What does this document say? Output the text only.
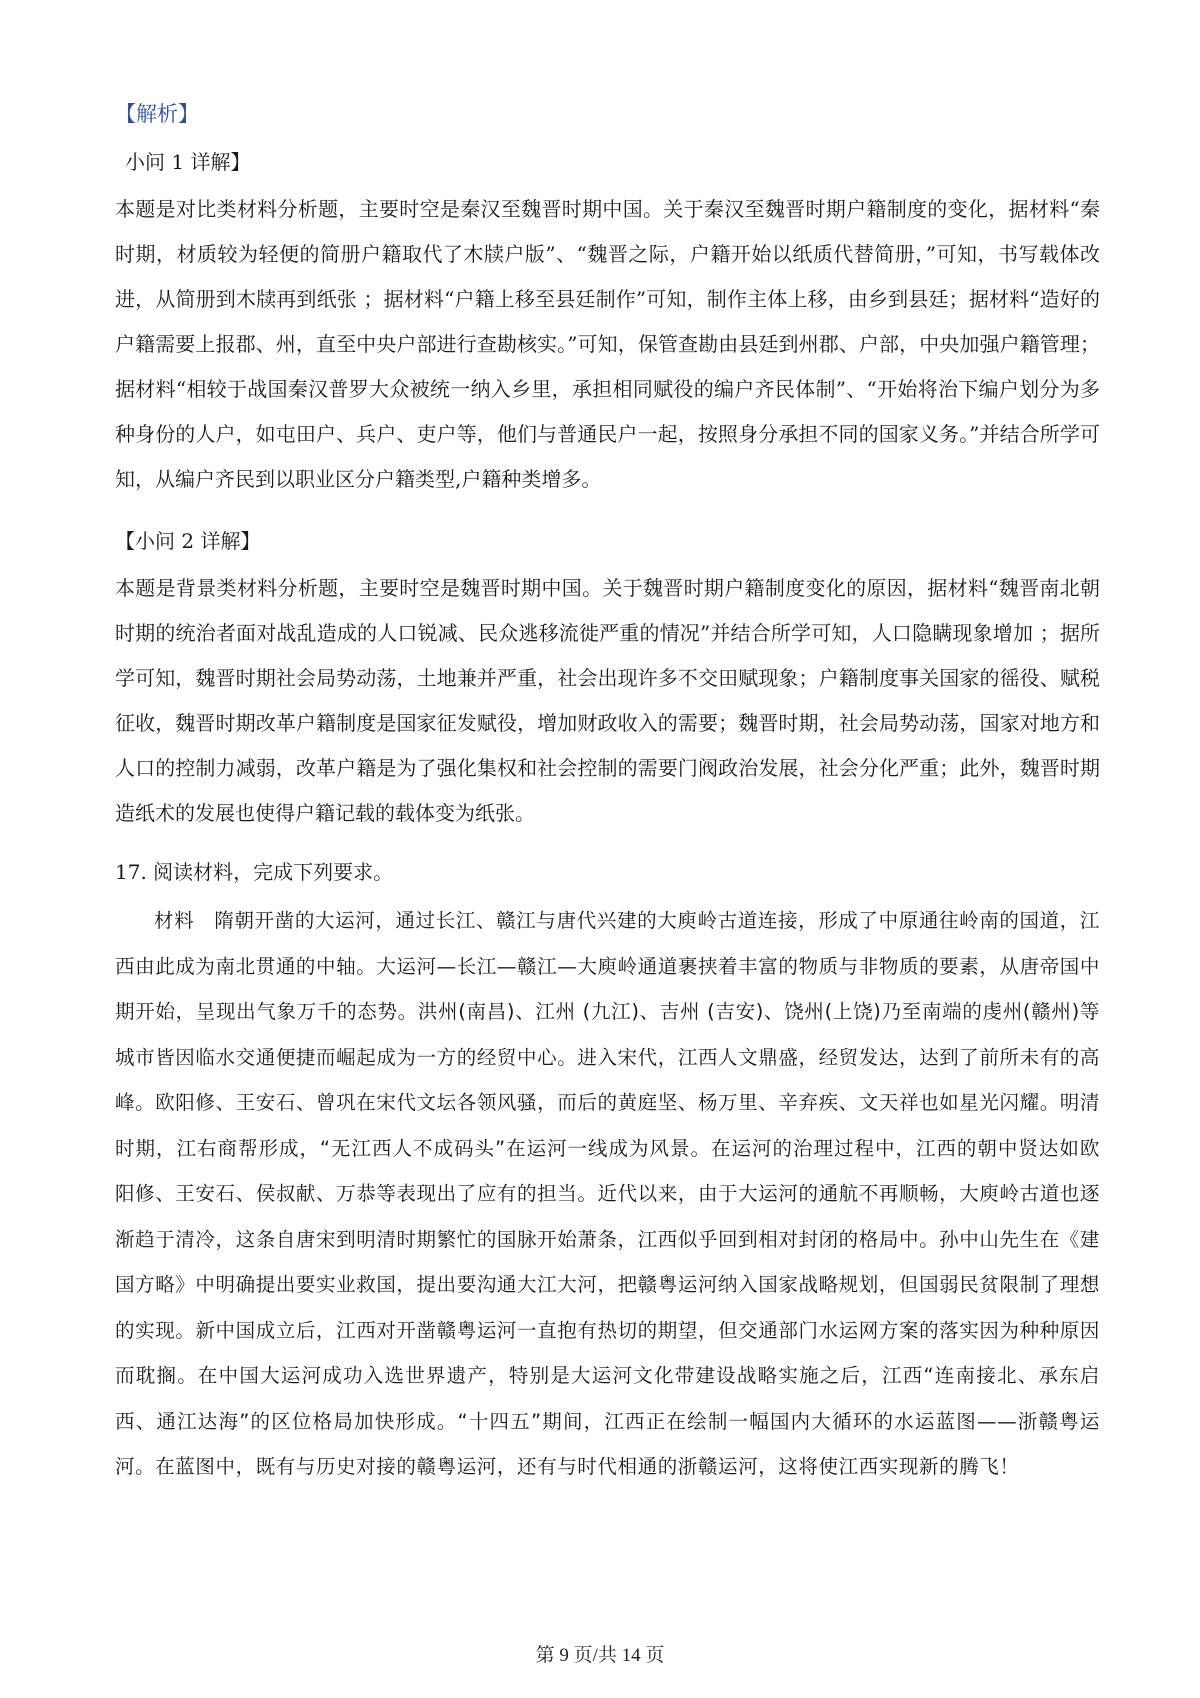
【解析】
小问 1 详解】

本题是对比类材料分析题，主要时空是秦汉至魏晋时期中国。关于秦汉至魏晋时期户籍制度的变化，据材料“秦时期，材质较为轻便的简册户籍取代了木牍户版”、“魏晋之际，户籍开始以纸质代替简册，”可知，书写载体改进，从简册到木牍再到纸张 ；据材料“户籍上移至县廷制作”可知，制作主体上移，由乡到县廷；据材料“造好的户籍需要上报郡、州，直至中央户部进行查勘核实。”可知，保管查勘由县廷到州郡、户部，中央加强户籍管理；据材料“相较于战国秦汉普罗大众被统一纳入乡里，承担相同赋役的编户齐民体制”、“开始将治下编户划分为多种身份的人户，如屯田户、兵户、吏户等，他们与普通民户一起，按照身分承担不同的国家义务。”并结合所学可知，从编户齐民到以职业区分户籍类型,户籍种类增多。

【小问 2 详解】

本题是背景类材料分析题，主要时空是魏晋时期中国。关于魏晋时期户籍制度变化的原因，据材料“魏晋南北朝时期的统治者面对战乱造成的人口锐减、民众逃移流徙严重的情况”并结合所学可知，人口隐瞒现象增加 ；据所学可知，魏晋时期社会局势动荡，土地兼并严重，社会出现许多不交田赋现象；户籍制度事关国家的徭役、赋税征收，魏晋时期改革户籍制度是国家征发赋役，增加财政收入的需要；魏晋时期，社会局势动荡，国家对地方和人口的控制力减弱，改革户籍是为了强化集权和社会控制的需要门阀政治发展，社会分化严重；此外，魏晋时期造纸术的发展也使得户籍记载的载体变为纸张。

17. 阅读材料，完成下列要求。

材料　隋朝开凿的大运河，通过长江、赣江与唐代兴建的大庾岭古道连接，形成了中原通往岭南的国道，江西由此成为南北贯通的中轴。大运河—长江—赣江—大庾岭通道裹挟着丰富的物质与非物质的要素，从唐帝国中期开始，呈现出气象万千的态势。洪州(南昌)、江州 (九江)、吉州 (吉安)、饶州(上饶)乃至南端的虔州(赣州)等城市皆因临水交通便捷而崛起成为一方的经贸中心。进入宋代，江西人文鼎盛，经贸发达，达到了前所未有的高峰。欧阳修、王安石、曾巩在宋代文坛各领风骚，而后的黄庭坚、杨万里、辛弃疾、文天祥也如星光闪耀。明清时期，江右商帮形成，“无江西人不成码头”在运河一线成为风景。在运河的治理过程中，江西的朝中贤达如欧阳修、王安石、侯叔献、万恭等表现出了应有的担当。近代以来，由于大运河的通航不再顺畅，大庾岭古道也逐渐趋于清冷，这条自唐宋到明清时期繁忙的国脉开始萧条，江西似乎回到相对封闭的格局中。孙中山先生在《建国方略》中明确提出要实业救国，提出要沟通大江大河，把赣粤运河纳入国家战略规划，但国弱民贫限制了理想的实现。新中国成立后，江西对开凿赣粤运河一直抱有热切的期望，但交通部门水运网方案的落实因为种种原因而耽搁。在中国大运河成功入选世界遗产，特别是大运河文化带建设战略实施之后，江西“连南接北、承东启西、通江达海”的区位格局加快形成。“十四五”期间，江西正在绘制一幅国内大循环的水运蓝图——浙赣粤运河。在蓝图中，既有与历史对接的赣粤运河，还有与时代相通的浙赣运河，这将使江西实现新的腾飞！

第 9 页/共 14 页
